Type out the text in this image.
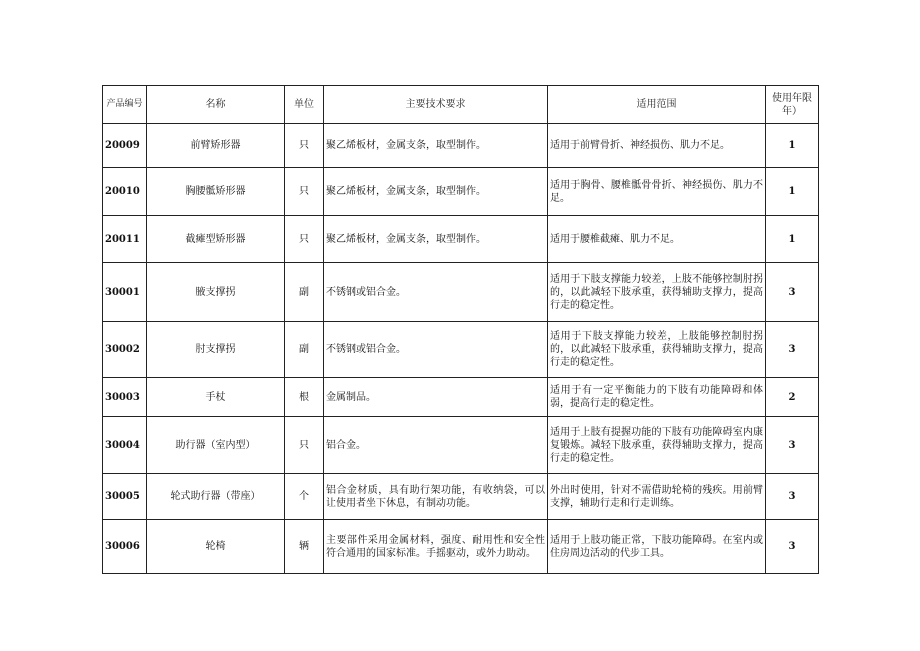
产品编号	名称	单位	主要技术要求	适用范围	使用年限年）
20009	前臂矫形器	只	聚乙烯板材，金属支条，取型制作。	适用于前臂骨折、神经损伤、肌力不足。	1
20010	胸腰骶矫形器	只	聚乙烯板材，金属支条，取型制作。	适用于胸骨、腰椎骶骨骨折、神经损伤、肌力不足。	1
20011	截瘫型矫形器	只	聚乙烯板材，金属支条，取型制作。	适用于腰椎截瘫、肌力不足。	1
30001	腋支撑拐	副	不锈钢或铝合金。	适用于下肢支撑能力较差，上肢不能够控制肘拐的，以此减轻下肢承重，获得辅助支撑力，提高行走的稳定性。	3
30002	肘支撑拐	副	不锈钢或铝合金。	适用于下肢支撑能力较差，上肢能够控制肘拐的，以此减轻下肢承重，获得辅助支撑力，提高行走的稳定性。	3
30003	手杖	根	金属制品。	适用于有一定平衡能力的下肢有功能障碍和体弱，提高行走的稳定性。	2
30004	助行器（室内型）	只	铝合金。	适用于上肢有提握功能的下肢有功能障碍室内康复锻炼。减轻下肢承重，获得辅助支撑力，提高行走的稳定性。	3
30005	轮式助行器（带座）	个	铝合金材质，具有助行架功能，有收纳袋，可以让使用者坐下休息，有制动功能。	外出时使用，针对不需借助轮椅的残疾。用前臂支撑，辅助行走和行走训练。	3
30006	轮椅	辆	主要部件采用金属材料，强度、耐用性和安全性符合通用的国家标准。手摇驱动，或外力助动。	适用于上肢功能正常，下肢功能障碍。在室内或住房周边活动的代步工具。	3
